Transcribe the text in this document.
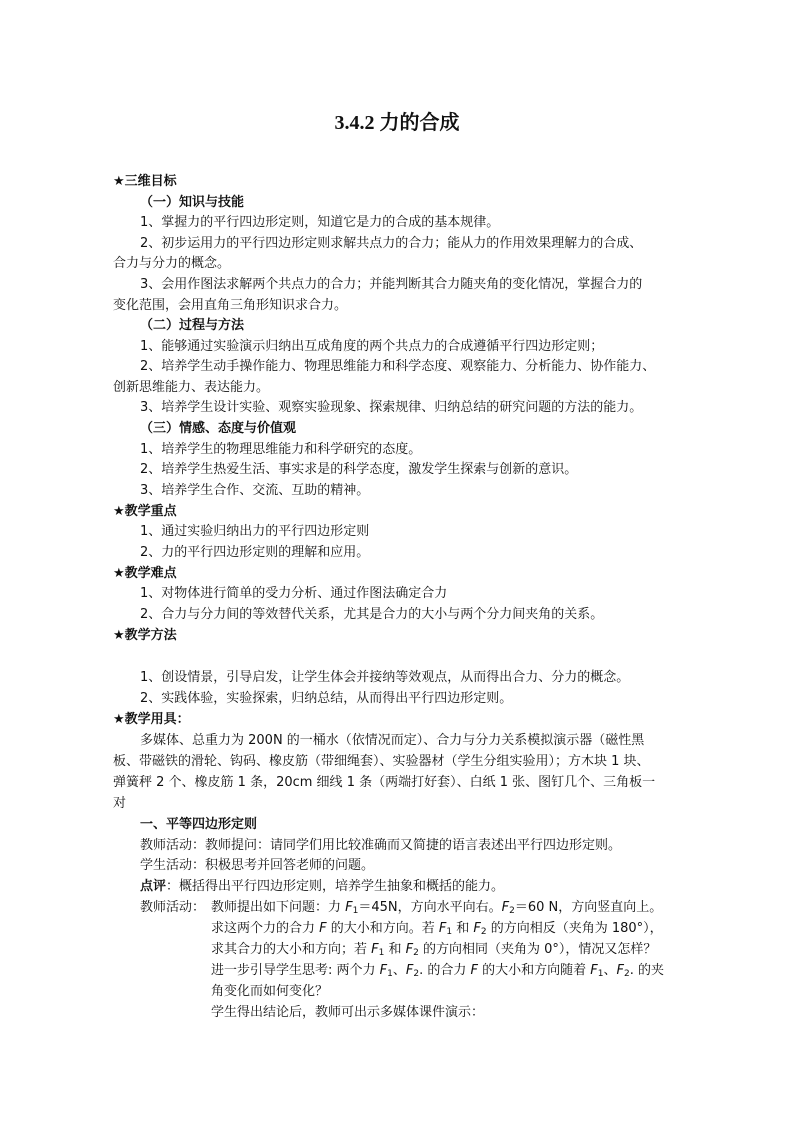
3.4.2 力的合成
★三维目标
（一）知识与技能
1、掌握力的平行四边形定则，知道它是力的合成的基本规律。
2、初步运用力的平行四边形定则求解共点力的合力；能从力的作用效果理解力的合成、
合力与分力的概念。
3、会用作图法求解两个共点力的合力；并能判断其合力随夹角的变化情况，掌握合力的
变化范围，会用直角三角形知识求合力。
（二）过程与方法
1、能够通过实验演示归纳出互成角度的两个共点力的合成遵循平行四边形定则；
2、培养学生动手操作能力、物理思维能力和科学态度、观察能力、分析能力、协作能力、
创新思维能力、表达能力。
3、培养学生设计实验、观察实验现象、探索规律、归纳总结的研究问题的方法的能力。
（三）情感、态度与价值观
1、培养学生的物理思维能力和科学研究的态度。
2、培养学生热爱生活、事实求是的科学态度，激发学生探索与创新的意识。
3、培养学生合作、交流、互助的精神。
★教学重点
1、通过实验归纳出力的平行四边形定则
2、力的平行四边形定则的理解和应用。
★教学难点
1、对物体进行简单的受力分析、通过作图法确定合力
2、合力与分力间的等效替代关系，尤其是合力的大小与两个分力间夹角的关系。
★教学方法
1、创设情景，引导启发，让学生体会并接纳等效观点，从而得出合力、分力的概念。
2、实践体验，实验探索，归纳总结，从而得出平行四边形定则。
★教学用具：
多媒体、总重力为 200N 的一桶水（依情况而定）、合力与分力关系模拟演示器（磁性黑
板、带磁铁的滑轮、钩码、橡皮筋（带细绳套）、实验器材（学生分组实验用）；方木块 1 块、
弹簧秤 2 个、橡皮筋 1 条，20cm 细线 1 条（两端打好套）、白纸 1 张、图钉几个、三角板一
对
一、平等四边形定则
教师活动：教师提问：请同学们用比较准确而又简捷的语言表述出平行四边形定则。
学生活动：积极思考并回答老师的问题。
点评：概括得出平行四边形定则，培养学生抽象和概括的能力。
教师活动： 教师提出如下问题：力 $F_1=45N$，方向水平向右。$F_2=60$ N，方向竖直向上。
求这两个力的合力 F 的大小和方向。若 $F_1$ 和 $F_2$ 的方向相反（夹角为 180°），
求其合力的大小和方向；若 $F_1$ 和 $F_2$ 的方向相同（夹角为 0°），情况又怎样？
进一步引导学生思考: 两个力 $F_1$、$F_2$. 的合力 F 的大小和方向随着 $F_1$、$F_2$. 的夹
角变化而如何变化？
学生得出结论后，教师可出示多媒体课件演示：
